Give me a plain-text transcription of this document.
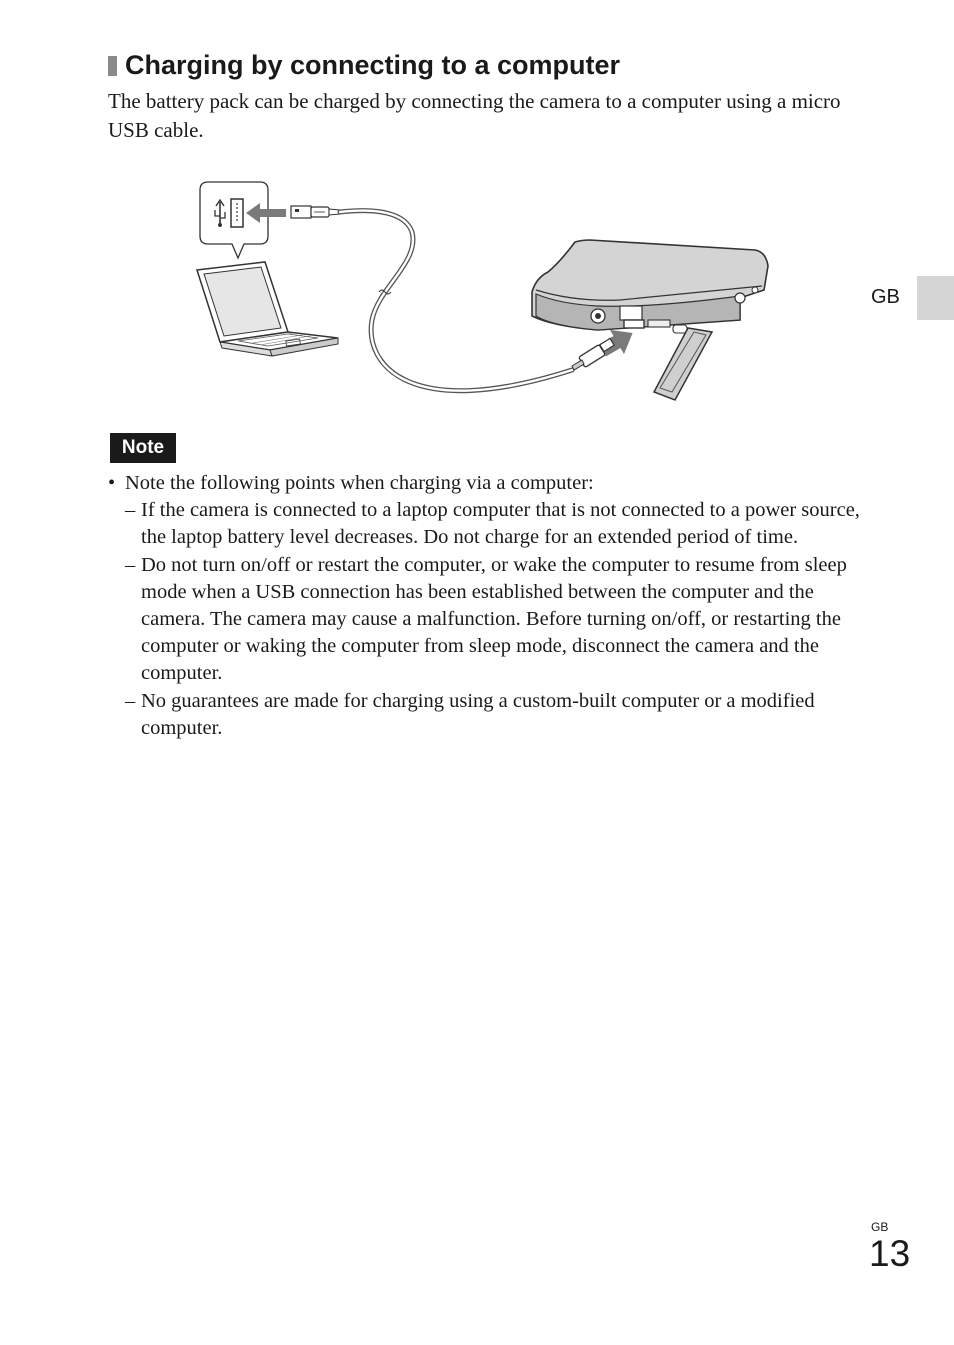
Charging by connecting to a computer

The battery pack can be charged by connecting the camera to a computer using a micro USB cable.

Note
• Note the following points when charging via a computer:
– If the camera is connected to a laptop computer that is not connected to a power source, the laptop battery level decreases. Do not charge for an extended period of time.
– Do not turn on/off or restart the computer, or wake the computer to resume from sleep mode when a USB connection has been established between the computer and the camera. The camera may cause a malfunction. Before turning on/off, or restarting the computer or waking the computer from sleep mode, disconnect the camera and the computer.
– No guarantees are made for charging using a custom-built computer or a modified computer.
GB
GB
13
